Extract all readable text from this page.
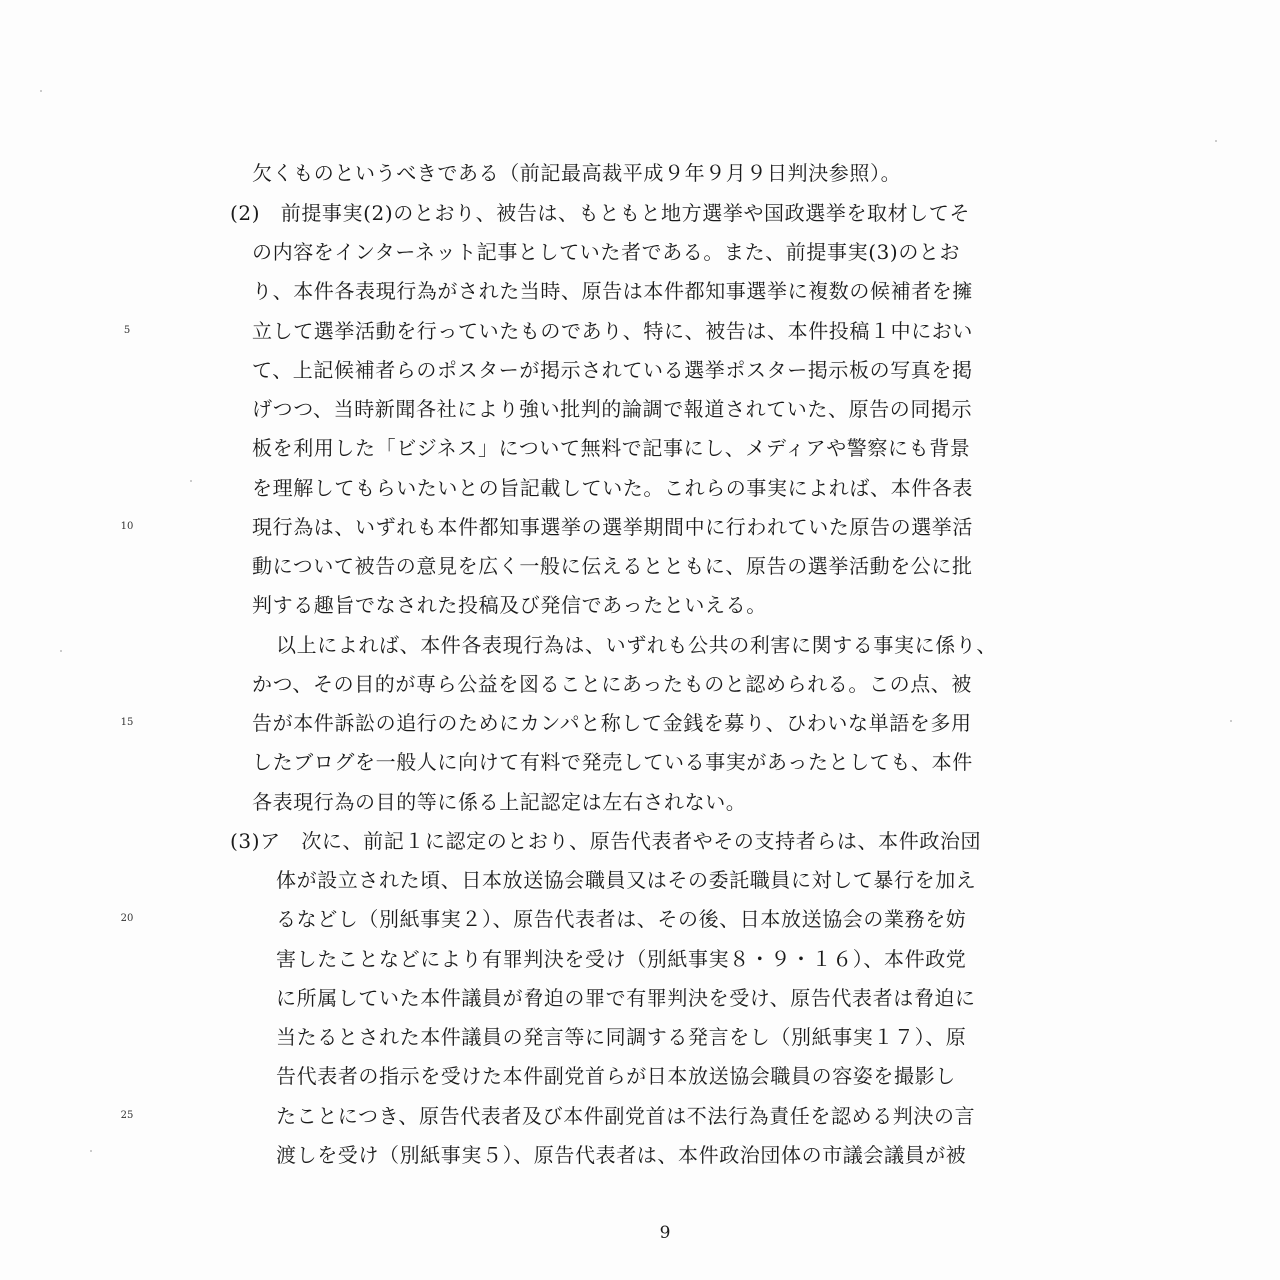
欠くものというべきである（前記最高裁平成９年９月９日判決参照）。
(2)　前提事実(2)のとおり、被告は、もともと地方選挙や国政選挙を取材してそ
の内容をインターネット記事としていた者である。また、前提事実(3)のとお
り、本件各表現行為がされた当時、原告は本件都知事選挙に複数の候補者を擁
立して選挙活動を行っていたものであり、特に、被告は、本件投稿１中におい
て、上記候補者らのポスターが掲示されている選挙ポスター掲示板の写真を掲
げつつ、当時新聞各社により強い批判的論調で報道されていた、原告の同掲示
板を利用した「ビジネス」について無料で記事にし、メディアや警察にも背景
を理解してもらいたいとの旨記載していた。これらの事実によれば、本件各表
現行為は、いずれも本件都知事選挙の選挙期間中に行われていた原告の選挙活
動について被告の意見を広く一般に伝えるとともに、原告の選挙活動を公に批
判する趣旨でなされた投稿及び発信であったといえる。
以上によれば、本件各表現行為は、いずれも公共の利害に関する事実に係り、
かつ、その目的が専ら公益を図ることにあったものと認められる。この点、被
告が本件訴訟の追行のためにカンパと称して金銭を募り、ひわいな単語を多用
したブログを一般人に向けて有料で発売している事実があったとしても、本件
各表現行為の目的等に係る上記認定は左右されない。
(3)ア　次に、前記１に認定のとおり、原告代表者やその支持者らは、本件政治団
体が設立された頃、日本放送協会職員又はその委託職員に対して暴行を加え
るなどし（別紙事実２）、原告代表者は、その後、日本放送協会の業務を妨
害したことなどにより有罪判決を受け（別紙事実８・９・１６）、本件政党
に所属していた本件議員が脅迫の罪で有罪判決を受け、原告代表者は脅迫に
当たるとされた本件議員の発言等に同調する発言をし（別紙事実１７）、原
告代表者の指示を受けた本件副党首らが日本放送協会職員の容姿を撮影し
たことにつき、原告代表者及び本件副党首は不法行為責任を認める判決の言
渡しを受け（別紙事実５）、原告代表者は、本件政治団体の市議会議員が被
5
10
15
20
25
9
